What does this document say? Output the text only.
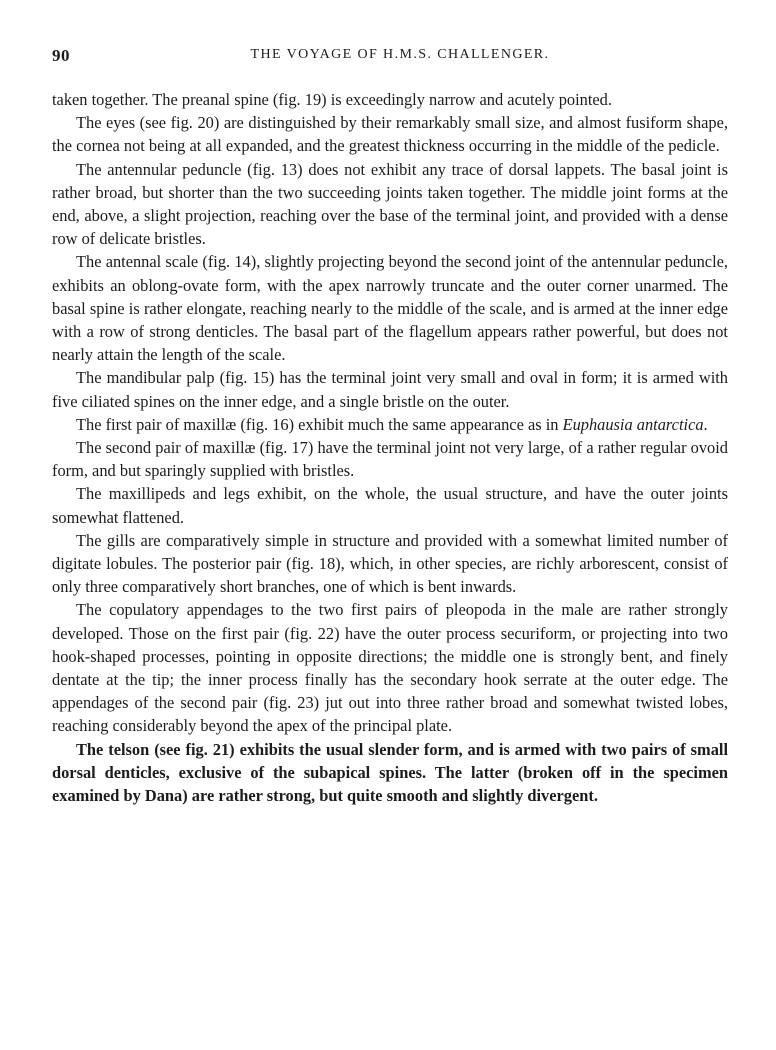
90	THE VOYAGE OF H.M.S. CHALLENGER.

taken together. The preanal spine (fig. 19) is exceedingly narrow and acutely pointed.

The eyes (see fig. 20) are distinguished by their remarkably small size, and almost fusiform shape, the cornea not being at all expanded, and the greatest thickness occurring in the middle of the pedicle.

The antennular peduncle (fig. 13) does not exhibit any trace of dorsal lappets. The basal joint is rather broad, but shorter than the two succeeding joints taken together. The middle joint forms at the end, above, a slight projection, reaching over the base of the terminal joint, and provided with a dense row of delicate bristles.

The antennal scale (fig. 14), slightly projecting beyond the second joint of the antennular peduncle, exhibits an oblong-ovate form, with the apex narrowly truncate and the outer corner unarmed. The basal spine is rather elongate, reaching nearly to the middle of the scale, and is armed at the inner edge with a row of strong denticles. The basal part of the flagellum appears rather powerful, but does not nearly attain the length of the scale.

The mandibular palp (fig. 15) has the terminal joint very small and oval in form; it is armed with five ciliated spines on the inner edge, and a single bristle on the outer.

The first pair of maxillæ (fig. 16) exhibit much the same appearance as in Euphausia antarctica.

The second pair of maxillæ (fig. 17) have the terminal joint not very large, of a rather regular ovoid form, and but sparingly supplied with bristles.

The maxillipeds and legs exhibit, on the whole, the usual structure, and have the outer joints somewhat flattened.

The gills are comparatively simple in structure and provided with a somewhat limited number of digitate lobules. The posterior pair (fig. 18), which, in other species, are richly arborescent, consist of only three comparatively short branches, one of which is bent inwards.

The copulatory appendages to the two first pairs of pleopoda in the male are rather strongly developed. Those on the first pair (fig. 22) have the outer process securiform, or projecting into two hook-shaped processes, pointing in opposite directions; the middle one is strongly bent, and finely dentate at the tip; the inner process finally has the secondary hook serrate at the outer edge. The appendages of the second pair (fig. 23) jut out into three rather broad and somewhat twisted lobes, reaching considerably beyond the apex of the principal plate.

The telson (see fig. 21) exhibits the usual slender form, and is armed with two pairs of small dorsal denticles, exclusive of the subapical spines. The latter (broken off in the specimen examined by Dana) are rather strong, but quite smooth and slightly divergent.
